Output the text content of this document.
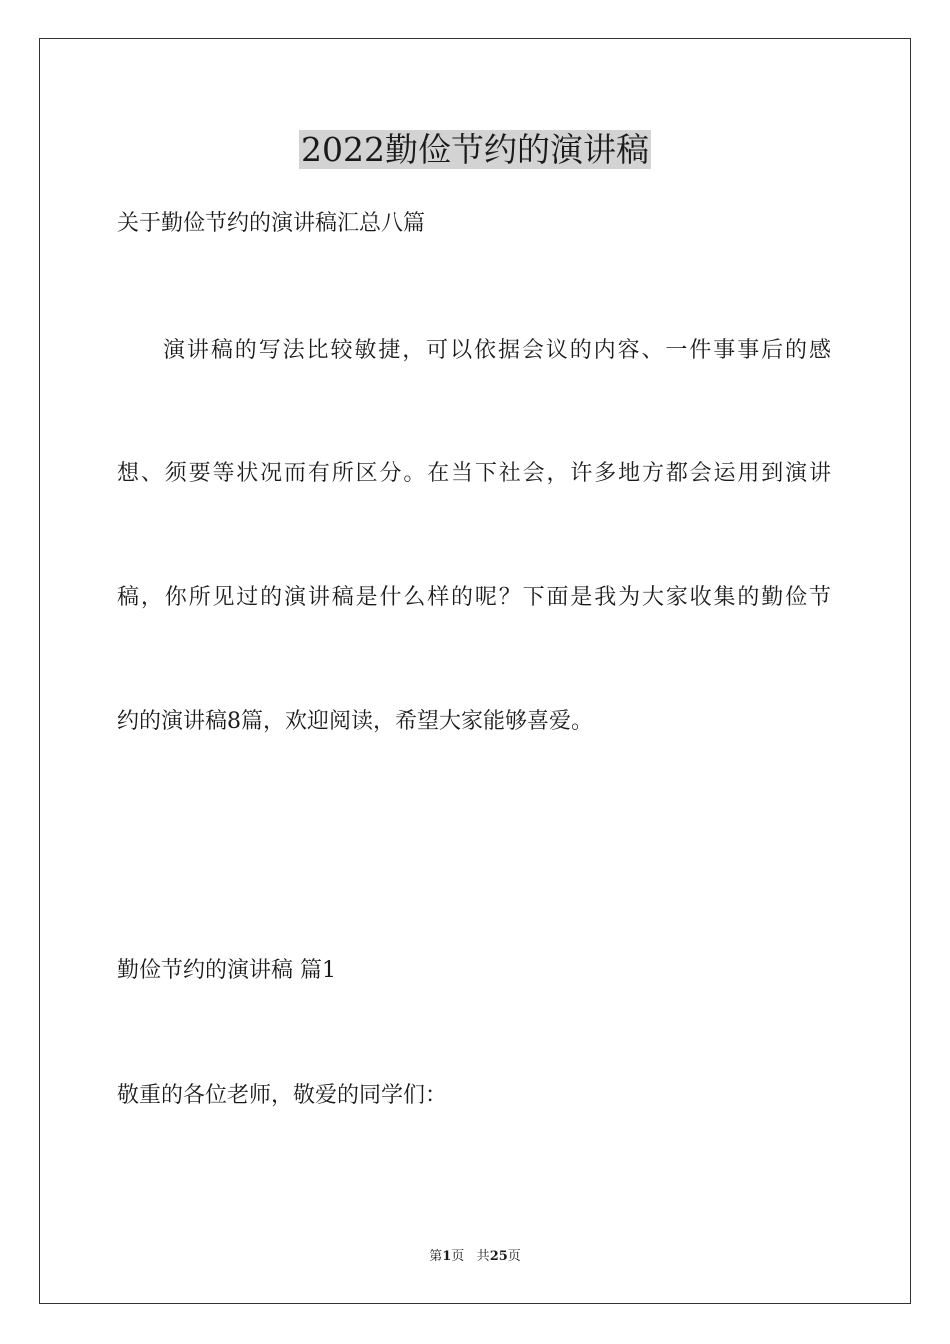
2022勤俭节约的演讲稿

关于勤俭节约的演讲稿汇总八篇

演讲稿的写法比较敏捷，可以依据会议的内容、一件事事后的感

想、须要等状况而有所区分。在当下社会，许多地方都会运用到演讲

稿，你所见过的演讲稿是什么样的呢？下面是我为大家收集的勤俭节

约的演讲稿8篇，欢迎阅读，希望大家能够喜爱。

勤俭节约的演讲稿 篇1

敬重的各位老师，敬爱的同学们：

第1页 共25页
